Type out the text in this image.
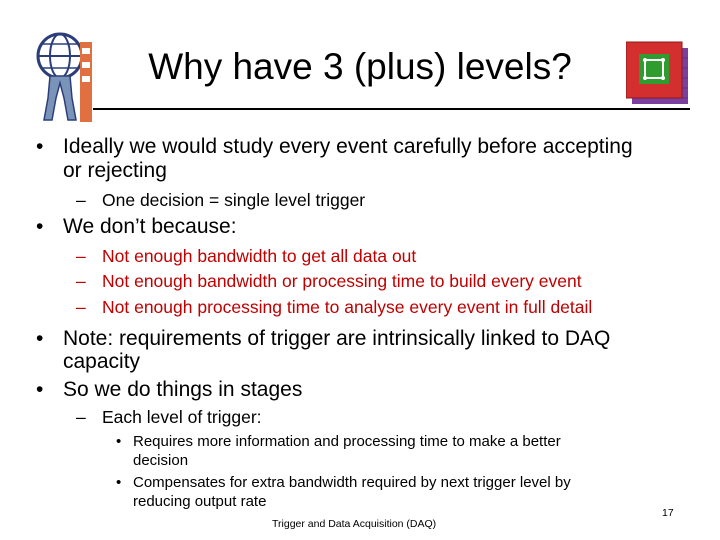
Why have 3 (plus) levels?
• Ideally we would study every event carefully before accepting
or rejecting
– One decision = single level trigger
• We don’t because:
– Not enough bandwidth to get all data out
– Not enough bandwidth or processing time to build every event
– Not enough processing time to analyse every event in full detail
• Note: requirements of trigger are intrinsically linked to DAQ
capacity
• So we do things in stages
– Each level of trigger:
• Requires more information and processing time to make a better
decision
• Compensates for extra bandwidth required by next trigger level by
reducing output rate
Trigger and Data Acquisition (DAQ)
17
